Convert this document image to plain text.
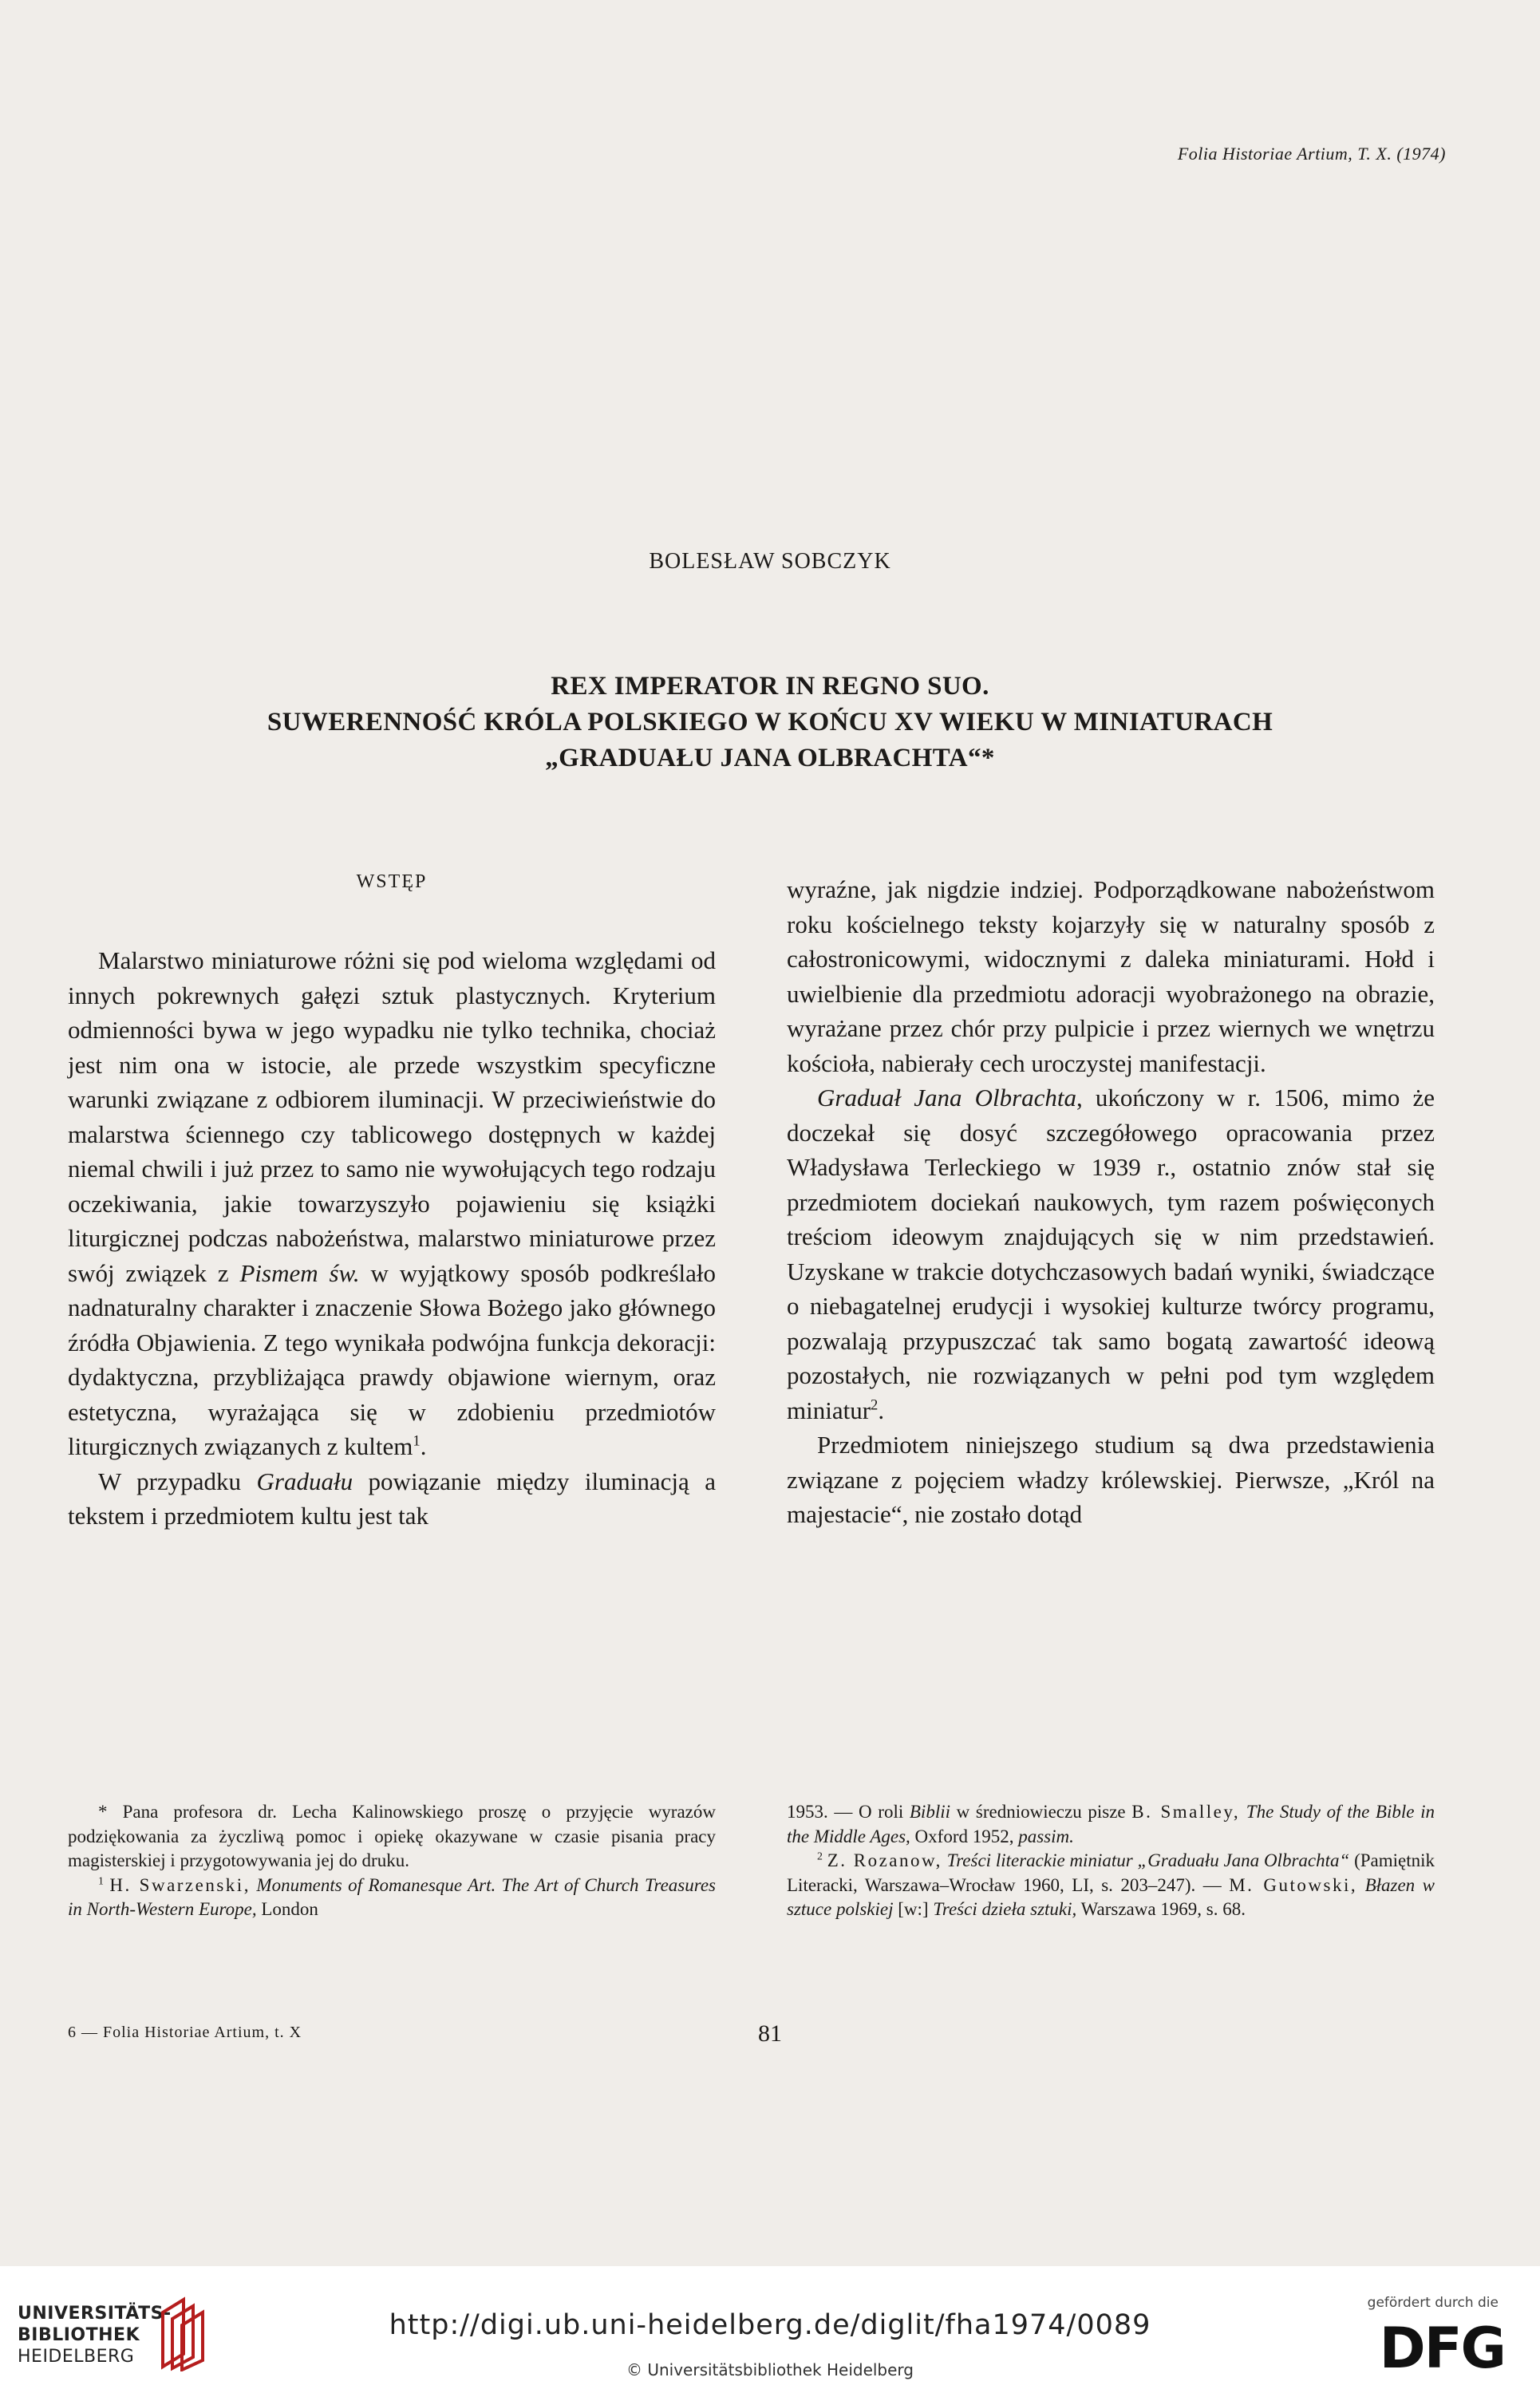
Folia Historiae Artium, T. X. (1974)
BOLESŁAW SOBCZYK
REX IMPERATOR IN REGNO SUO.
SUWERENNOŚĆ KRÓLA POLSKIEGO W KOŃCU XV WIEKU W MINIATURACH
„GRADUAŁU JANA OLBRACHTA“*
WSTĘP

Malarstwo miniaturowe różni się pod wieloma względami od innych pokrewnych gałęzi sztuk plastycznych. Kryterium odmienności bywa w jego wypadku nie tylko technika, chociaż jest nim ona w istocie, ale przede wszystkim specyficzne warunki związane z odbiorem iluminacji. W przeciwieństwie do malarstwa ściennego czy tablicowego dostępnych w każdej niemal chwili i już przez to samo nie wywołujących tego rodzaju oczekiwania, jakie towarzyszyło pojawieniu się książki liturgicznej podczas nabożeństwa, malarstwo miniaturowe przez swój związek z Pismem św. w wyjątkowy sposób podkreślało nadnaturalny charakter i znaczenie Słowa Bożego jako głównego źródła Objawienia. Z tego wynikała podwójna funkcja dekoracji: dydaktyczna, przybliżająca prawdy objawione wiernym, oraz estetyczna, wyrażająca się w zdobieniu przedmiotów liturgicznych związanych z kultem$^1$.

W przypadku Graduału powiązanie między iluminacją a tekstem i przedmiotem kultu jest tak

wyraźne, jak nigdzie indziej. Podporządkowane nabożeństwom roku kościelnego teksty kojarzyły się w naturalny sposób z całostronicowymi, widocznymi z daleka miniaturami. Hołd i uwielbienie dla przedmiotu adoracji wyobrażonego na obrazie, wyrażane przez chór przy pulpicie i przez wiernych we wnętrzu kościoła, nabierały cech uroczystej manifestacji.

Graduał Jana Olbrachta, ukończony w r. 1506, mimo że doczekał się dosyć szczegółowego opracowania przez Władysława Terleckiego w 1939 r., ostatnio znów stał się przedmiotem dociekań naukowych, tym razem poświęconych treściom ideowym znajdujących się w nim przedstawień. Uzyskane w trakcie dotychczasowych badań wyniki, świadczące o niebagatelnej erudycji i wysokiej kulturze twórcy programu, pozwalają przypuszczać tak samo bogatą zawartość ideową pozostałych, nie rozwiązanych w pełni pod tym względem miniatur$^2$.

Przedmiotem niniejszego studium są dwa przedstawienia związane z pojęciem władzy królewskiej. Pierwsze, „Król na majestacie“, nie zostało dotąd

* Pana profesora dr. Lecha Kalinowskiego proszę o przyjęcie wyrazów podziękowania za życzliwą pomoc i opiekę okazywane w czasie pisania pracy magisterskiej i przygotowywania jej do druku.

$^1$ H. Swarzenski, Monuments of Romanesque Art. The Art of Church Treasures in North-Western Europe, London

1953. — O roli Biblii w średniowieczu pisze B. Smalley, The Study of the Bible in the Middle Ages, Oxford 1952, passim.

$^2$ Z. Rozanow, Treści literackie miniatur „Graduału Jana Olbrachta“ (Pamiętnik Literacki, Warszawa–Wrocław 1960, LI, s. 203–247). — M. Gutowski, Błazen w sztuce polskiej [w:] Treści dzieła sztuki, Warszawa 1969, s. 68.

6 — Folia Historiae Artium, t. X	81
UNIVERSITÄTS-
BIBLIOTHEK
HEIDELBERG
http://digi.ub.uni-heidelberg.de/diglit/fha1974/0089
© Universitätsbibliothek Heidelberg
gefördert durch die
DFG
